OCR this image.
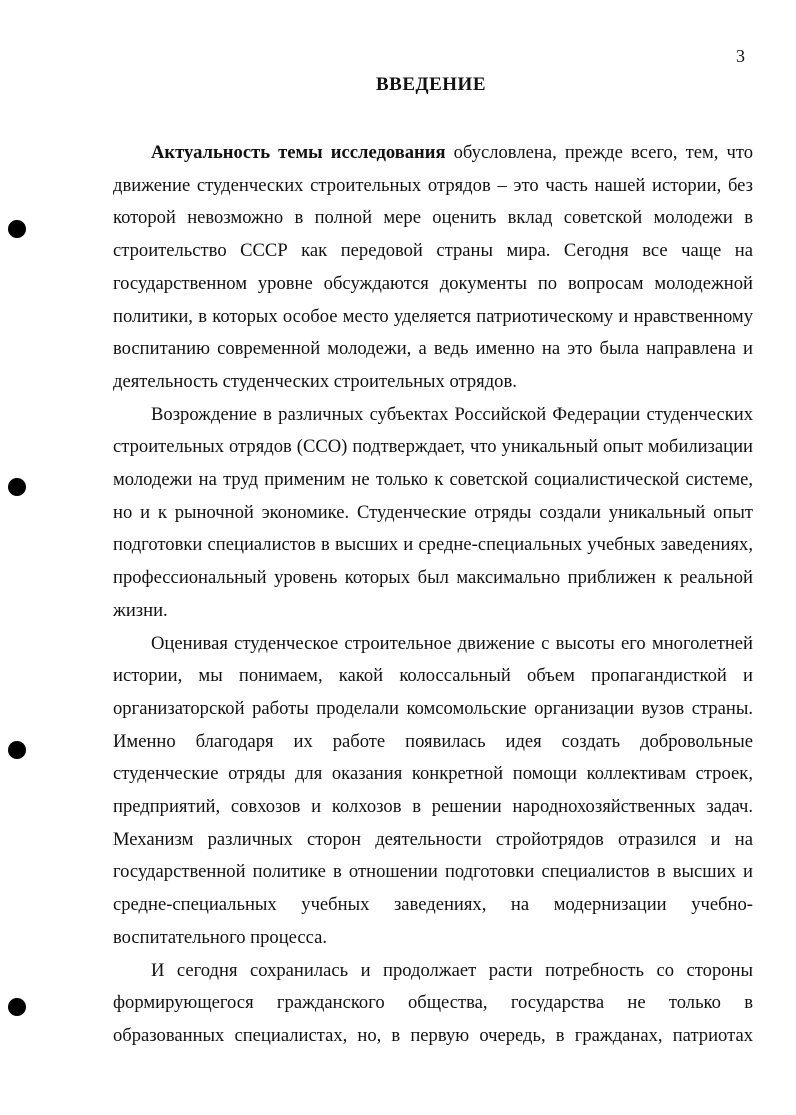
3
ВВЕДЕНИЕ

Актуальность темы исследования обусловлена, прежде всего, тем, что движение студенческих строительных отрядов – это часть нашей истории, без которой невозможно в полной мере оценить вклад советской молодежи в строительство СССР как передовой страны мира. Сегодня все чаще на государственном уровне обсуждаются документы по вопросам молодежной политики, в которых особое место уделяется патриотическому и нравственному воспитанию современной молодежи, а ведь именно на это была направлена и деятельность студенческих строительных отрядов.

Возрождение в различных субъектах Российской Федерации студенческих строительных отрядов (ССО) подтверждает, что уникальный опыт мобилизации молодежи на труд применим не только к советской социалистической системе, но и к рыночной экономике. Студенческие отряды создали уникальный опыт подготовки специалистов в высших и средне-специальных учебных заведениях, профессиональный уровень которых был максимально приближен к реальной жизни.

Оценивая студенческое строительное движение с высоты его многолетней истории, мы понимаем, какой колоссальный объем пропагандисткой и организаторской работы проделали комсомольские организации вузов страны. Именно благодаря их работе появилась идея создать добровольные студенческие отряды для оказания конкретной помощи коллективам строек, предприятий, совхозов и колхозов в решении народнохозяйственных задач. Механизм различных сторон деятельности стройотрядов отразился и на государственной политике в отношении подготовки специалистов в высших и средне-специальных учебных заведениях, на модернизации учебно-воспитательного процесса.

И сегодня сохранилась и продолжает расти потребность со стороны формирующегося гражданского общества, государства не только в образованных специалистах, но, в первую очередь, в гражданах, патриотах
